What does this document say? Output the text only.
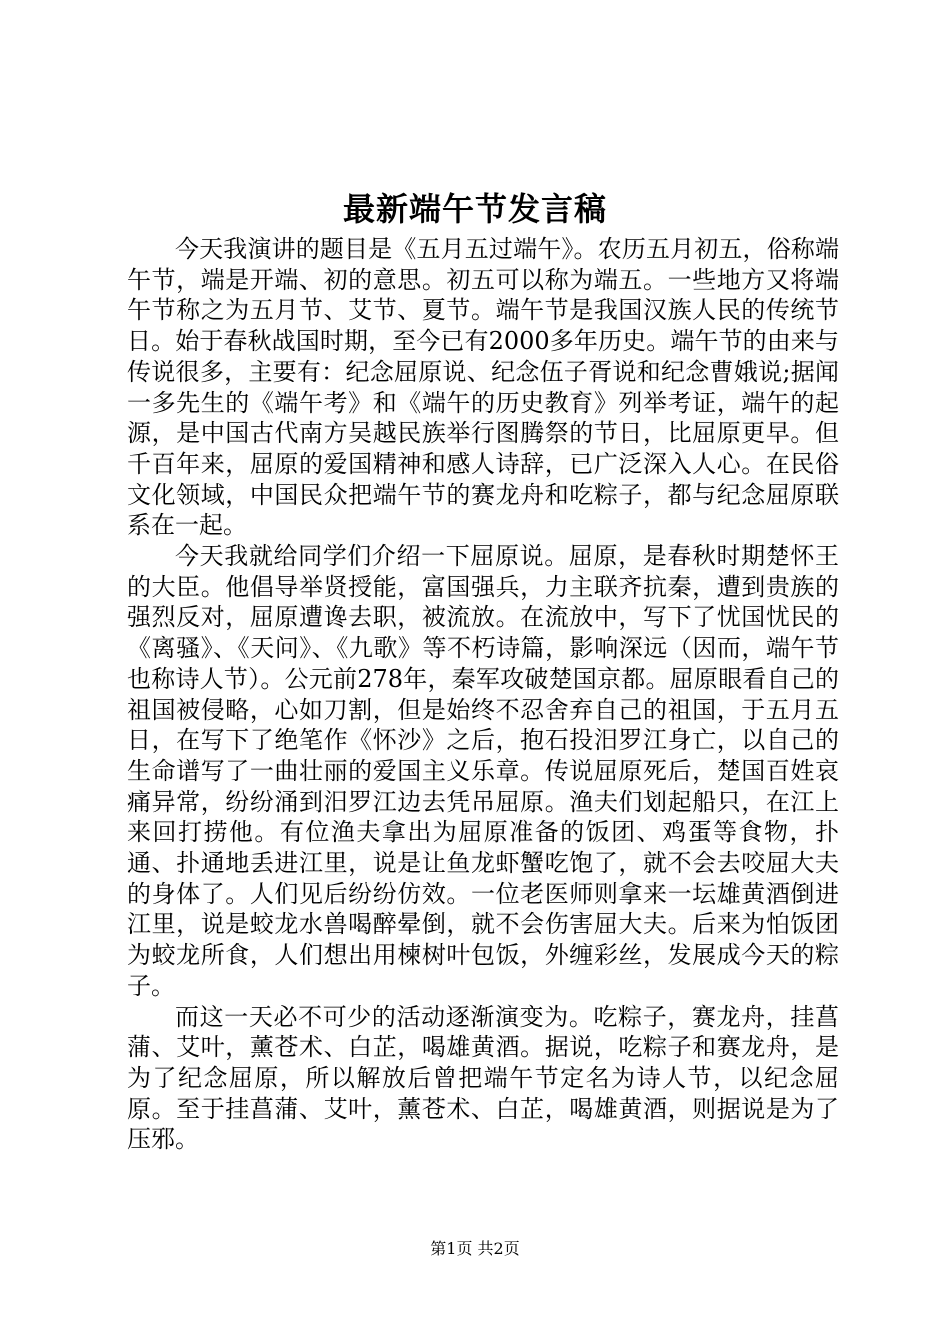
最新端午节发言稿

今天我演讲的题目是《五月五过端午》。农历五月初五，俗称端午节，端是开端、初的意思。初五可以称为端五。一些地方又将端午节称之为五月节、艾节、夏节。端午节是我国汉族人民的传统节日。始于春秋战国时期，至今已有2000多年历史。端午节的由来与传说很多，主要有：纪念屈原说、纪念伍子胥说和纪念曹娥说;据闻一多先生的《端午考》和《端午的历史教育》列举考证，端午的起源，是中国古代南方吴越民族举行图腾祭的节日，比屈原更早。但千百年来，屈原的爱国精神和感人诗辞，已广泛深入人心。在民俗文化领域，中国民众把端午节的赛龙舟和吃粽子，都与纪念屈原联系在一起。

今天我就给同学们介绍一下屈原说。屈原，是春秋时期楚怀王的大臣。他倡导举贤授能，富国强兵，力主联齐抗秦，遭到贵族的强烈反对，屈原遭谗去职，被流放。在流放中，写下了忧国忧民的《离骚》、《天问》、《九歌》等不朽诗篇，影响深远（因而，端午节也称诗人节）。公元前278年，秦军攻破楚国京都。屈原眼看自己的祖国被侵略，心如刀割，但是始终不忍舍弃自己的祖国，于五月五日，在写下了绝笔作《怀沙》之后，抱石投汨罗江身亡，以自己的生命谱写了一曲壮丽的爱国主义乐章。传说屈原死后，楚国百姓哀痛异常，纷纷涌到汨罗江边去凭吊屈原。渔夫们划起船只，在江上来回打捞他。有位渔夫拿出为屈原准备的饭团、鸡蛋等食物，扑通、扑通地丢进江里，说是让鱼龙虾蟹吃饱了，就不会去咬屈大夫的身体了。人们见后纷纷仿效。一位老医师则拿来一坛雄黄酒倒进江里，说是蛟龙水兽喝醉晕倒，就不会伤害屈大夫。后来为怕饭团为蛟龙所食，人们想出用楝树叶包饭，外缠彩丝，发展成今天的粽子。

而这一天必不可少的活动逐渐演变为。吃粽子，赛龙舟，挂菖蒲、艾叶，薰苍术、白芷，喝雄黄酒。据说，吃粽子和赛龙舟，是为了纪念屈原，所以解放后曾把端午节定名为诗人节，以纪念屈原。至于挂菖蒲、艾叶，薰苍术、白芷，喝雄黄酒，则据说是为了压邪。

第1页 共2页
